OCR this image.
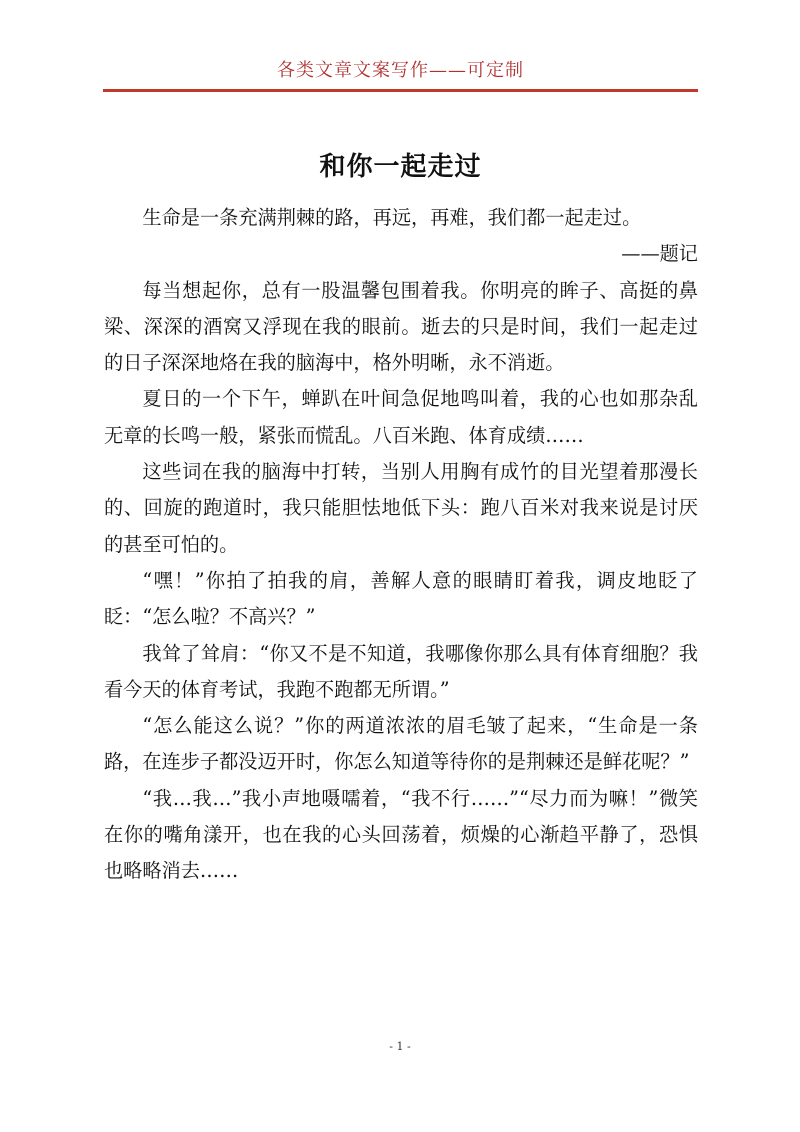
各类文章文案写作——可定制
和你一起走过

生命是一条充满荆棘的路，再远，再难，我们都一起走过。

——题记

每当想起你，总有一股温馨包围着我。你明亮的眸子、高挺的鼻梁、深深的酒窝又浮现在我的眼前。逝去的只是时间，我们一起走过的日子深深地烙在我的脑海中，格外明晰，永不消逝。

夏日的一个下午，蝉趴在叶间急促地鸣叫着，我的心也如那杂乱无章的长鸣一般，紧张而慌乱。八百米跑、体育成绩……

这些词在我的脑海中打转，当别人用胸有成竹的目光望着那漫长的、回旋的跑道时，我只能胆怯地低下头：跑八百米对我来说是讨厌的甚至可怕的。

“嘿！”你拍了拍我的肩，善解人意的眼睛盯着我，调皮地眨了眨：“怎么啦？不高兴？”

我耸了耸肩：“你又不是不知道，我哪像你那么具有体育细胞？我看今天的体育考试，我跑不跑都无所谓。”

“怎么能这么说？”你的两道浓浓的眉毛皱了起来，“生命是一条路，在连步子都没迈开时，你怎么知道等待你的是荆棘还是鲜花呢？”

“我…我…”我小声地嗫嚅着，“我不行……”“尽力而为嘛！”微笑在你的嘴角漾开，也在我的心头回荡着，烦燥的心渐趋平静了，恐惧也略略消去……

- 1 -
